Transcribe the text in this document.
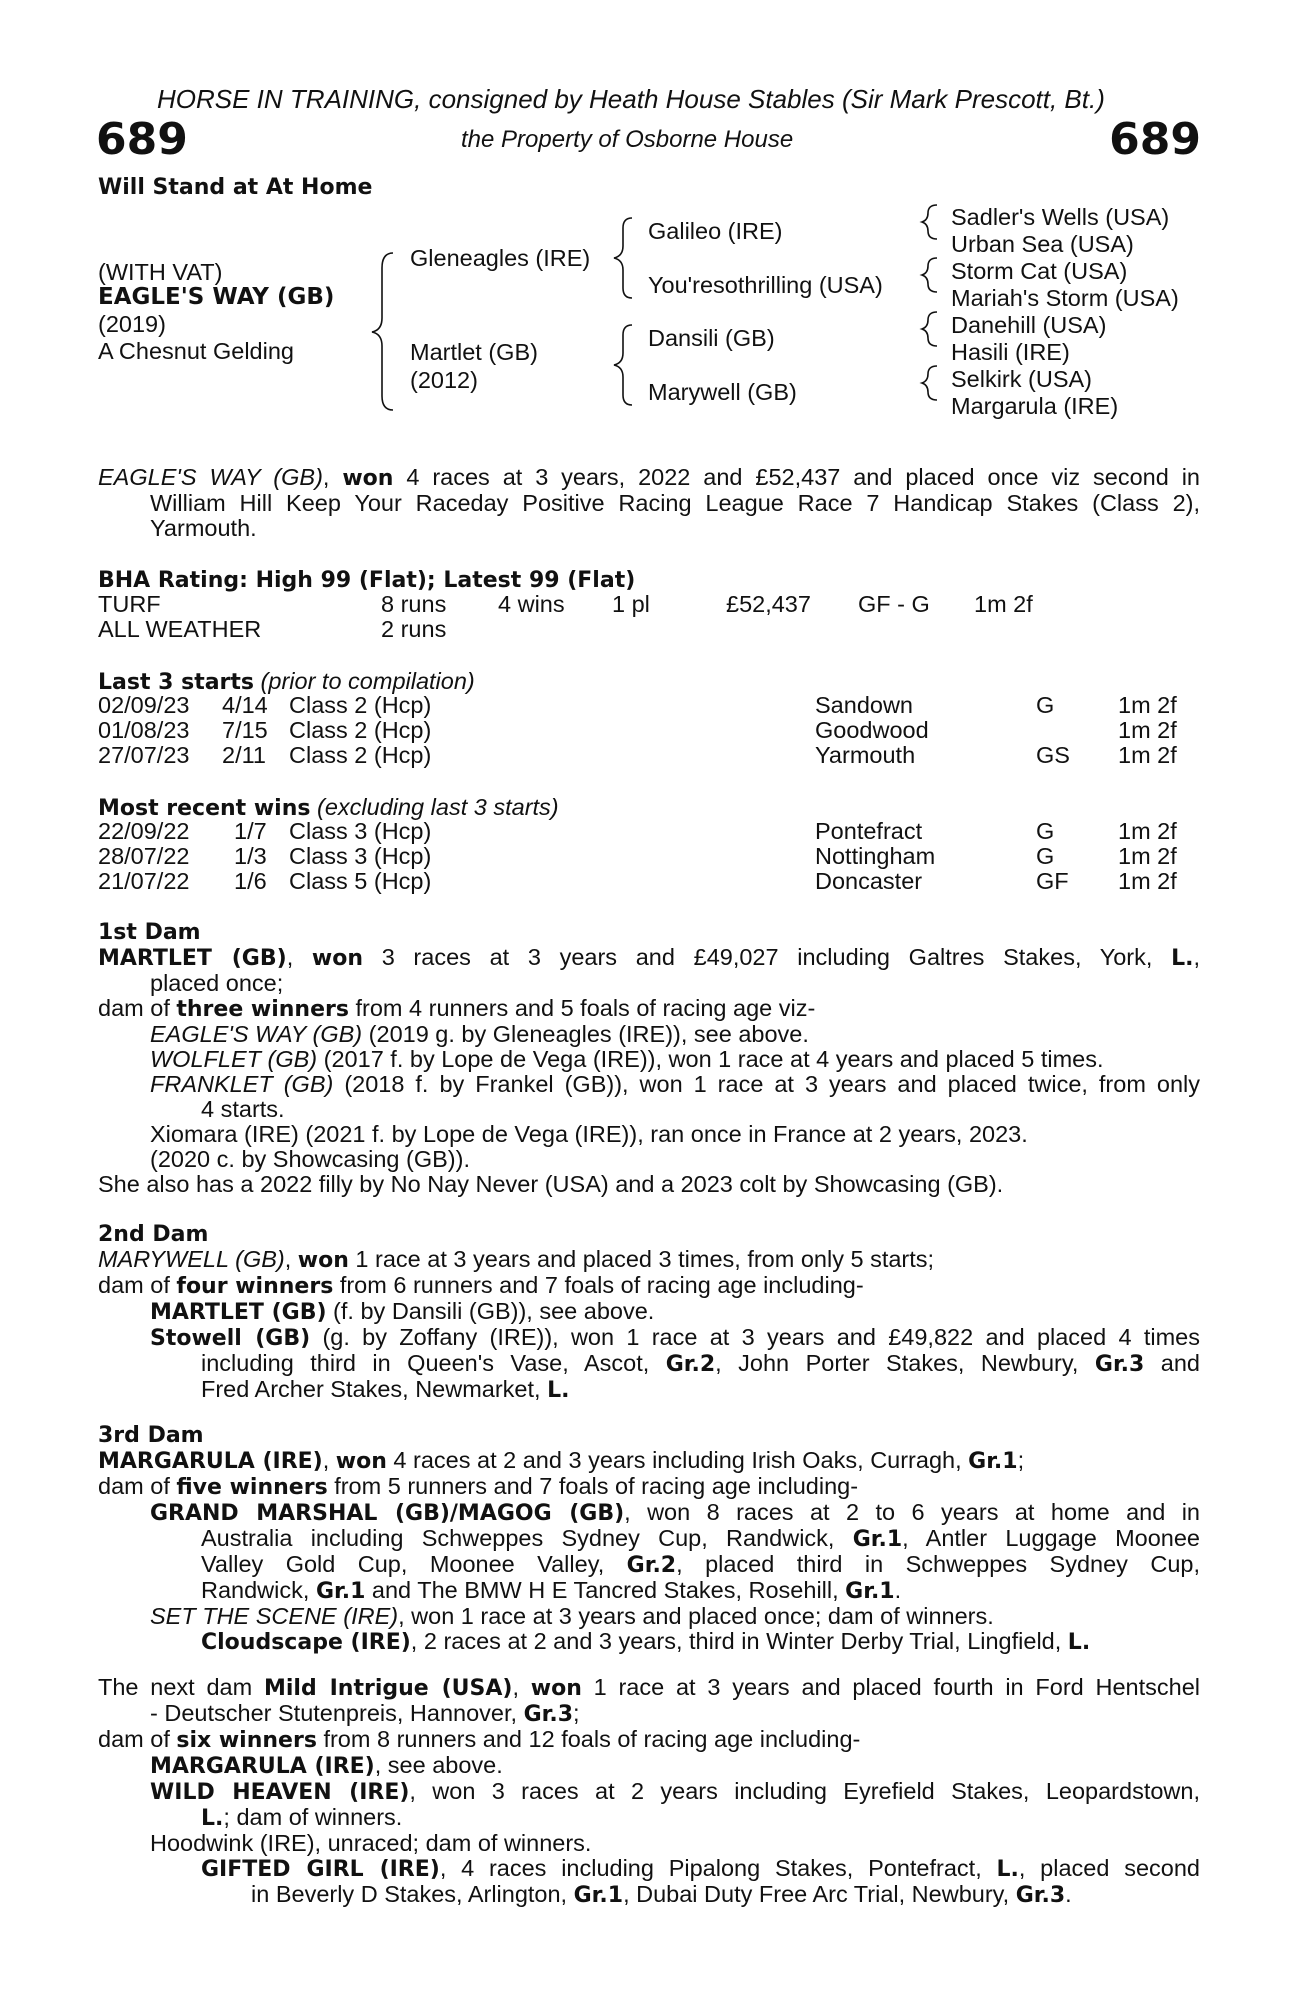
HORSE IN TRAINING, consigned by Heath House Stables (Sir Mark Prescott, Bt.)
the Property of Osborne House
689	689
Will Stand at At Home
(WITH VAT)
EAGLE'S WAY (GB)
(2019)
A Chesnut Gelding
Gleneagles (IRE)
Martlet (GB)
(2012)
Galileo (IRE)
You'resothrilling (USA)
Dansili (GB)
Marywell (GB)
Sadler's Wells (USA)
Urban Sea (USA)
Storm Cat (USA)
Mariah's Storm (USA)
Danehill (USA)
Hasili (IRE)
Selkirk (USA)
Margarula (IRE)
EAGLE'S WAY (GB), won 4 races at 3 years, 2022 and £52,437 and placed once viz second in
William Hill Keep Your Raceday Positive Racing League Race 7 Handicap Stakes (Class 2),
Yarmouth.
BHA Rating: High 99 (Flat); Latest 99 (Flat)
TURF	8 runs 4 wins 1 pl	£52,437 GF - G 1m 2f
ALL WEATHER	2 runs
Last 3 starts (prior to compilation)
02/09/23 4/14 Class 2 (Hcp)	Sandown	G	1m 2f
01/08/23 7/15 Class 2 (Hcp)	Goodwood	1m 2f
27/07/23 2/11 Class 2 (Hcp)	Yarmouth	GS 1m 2f
Most recent wins (excluding last 3 starts)
22/09/22 1/7 Class 3 (Hcp)	Pontefract	G	1m 2f
28/07/22 1/3 Class 3 (Hcp)	Nottingham	G	1m 2f
21/07/22 1/6 Class 5 (Hcp)	Doncaster	GF 1m 2f
1st Dam
MARTLET (GB), won 3 races at 3 years and £49,027 including Galtres Stakes, York, L.,
placed once;
dam of three winners from 4 runners and 5 foals of racing age viz-
EAGLE'S WAY (GB) (2019 g. by Gleneagles (IRE)), see above.
WOLFLET (GB) (2017 f. by Lope de Vega (IRE)), won 1 race at 4 years and placed 5 times.
FRANKLET (GB) (2018 f. by Frankel (GB)), won 1 race at 3 years and placed twice, from only
4 starts.
Xiomara (IRE) (2021 f. by Lope de Vega (IRE)), ran once in France at 2 years, 2023.
(2020 c. by Showcasing (GB)).
She also has a 2022 filly by No Nay Never (USA) and a 2023 colt by Showcasing (GB).
2nd Dam
MARYWELL (GB), won 1 race at 3 years and placed 3 times, from only 5 starts;
dam of four winners from 6 runners and 7 foals of racing age including-
MARTLET (GB) (f. by Dansili (GB)), see above.
Stowell (GB) (g. by Zoffany (IRE)), won 1 race at 3 years and £49,822 and placed 4 times
including third in Queen's Vase, Ascot, Gr.2, John Porter Stakes, Newbury, Gr.3 and
Fred Archer Stakes, Newmarket, L.
3rd Dam
MARGARULA (IRE), won 4 races at 2 and 3 years including Irish Oaks, Curragh, Gr.1;
dam of five winners from 5 runners and 7 foals of racing age including-
GRAND MARSHAL (GB)/MAGOG (GB), won 8 races at 2 to 6 years at home and in
Australia including Schweppes Sydney Cup, Randwick, Gr.1, Antler Luggage Moonee
Valley Gold Cup, Moonee Valley, Gr.2, placed third in Schweppes Sydney Cup,
Randwick, Gr.1 and The BMW H E Tancred Stakes, Rosehill, Gr.1.
SET THE SCENE (IRE), won 1 race at 3 years and placed once; dam of winners.
Cloudscape (IRE), 2 races at 2 and 3 years, third in Winter Derby Trial, Lingfield, L.
The next dam Mild Intrigue (USA), won 1 race at 3 years and placed fourth in Ford Hentschel
- Deutscher Stutenpreis, Hannover, Gr.3;
dam of six winners from 8 runners and 12 foals of racing age including-
MARGARULA (IRE), see above.
WILD HEAVEN (IRE), won 3 races at 2 years including Eyrefield Stakes, Leopardstown,
L.; dam of winners.
Hoodwink (IRE), unraced; dam of winners.
GIFTED GIRL (IRE), 4 races including Pipalong Stakes, Pontefract, L., placed second
in Beverly D Stakes, Arlington, Gr.1, Dubai Duty Free Arc Trial, Newbury, Gr.3.
